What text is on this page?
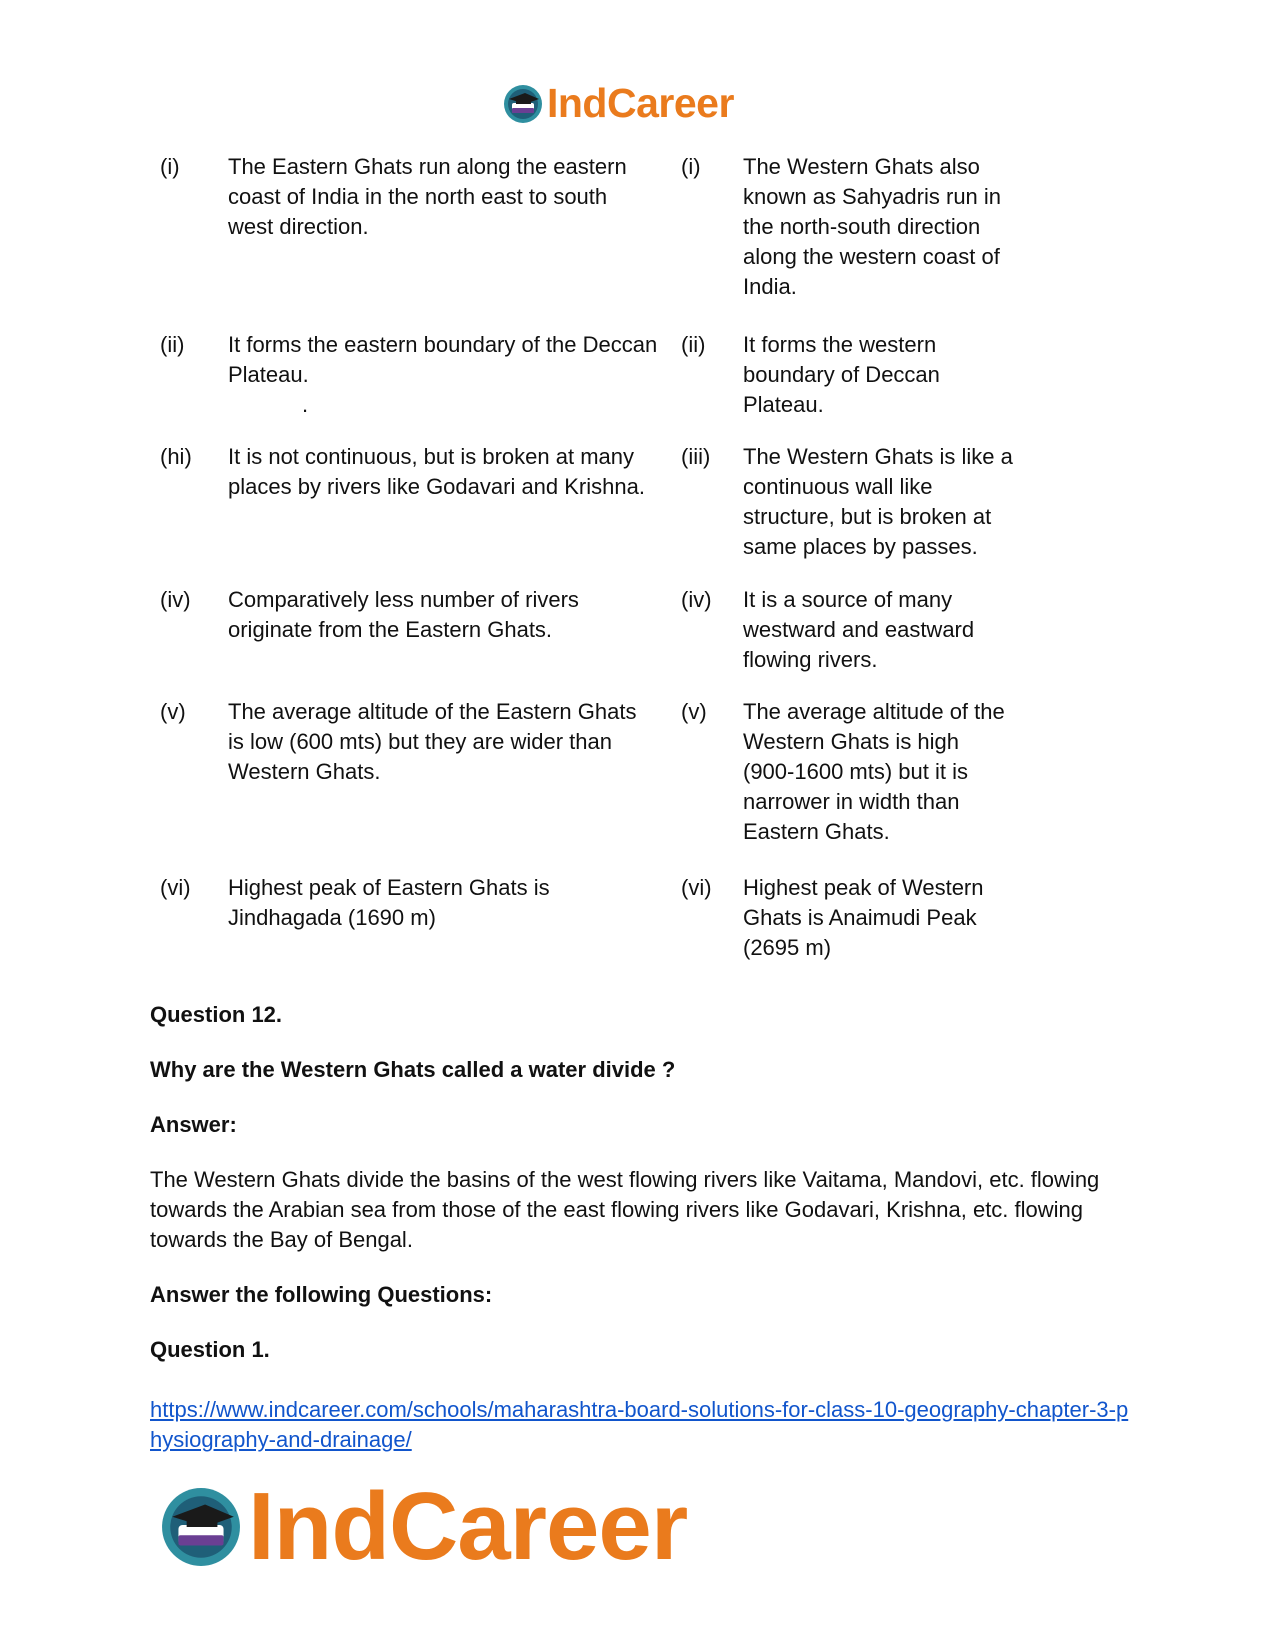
IndCareer
(i) The Eastern Ghats run along the eastern coast of India in the north east to south west direction.
(i) The Western Ghats also known as Sahyadris run in the north-south direction along the western coast of India.
(ii) It forms the eastern boundary of the Deccan Plateau.
.
(ii) It forms the western boundary of Deccan Plateau.
(hi) It is not continuous, but is broken at many places by rivers like Godavari and Krishna.
(iii) The Western Ghats is like a continuous wall like structure, but is broken at same places by passes.
(iv) Comparatively less number of rivers originate from the Eastern Ghats.
(iv) It is a source of many westward and eastward flowing rivers.
(v) The average altitude of the Eastern Ghats is low (600 mts) but they are wider than Western Ghats.
(v) The average altitude of the Western Ghats is high (900-1600 mts) but it is narrower in width than Eastern Ghats.
(vi) Highest peak of Eastern Ghats is Jindhagada (1690 m)
(vi) Highest peak of Western Ghats is Anaimudi Peak (2695 m)
Question 12.
Why are the Western Ghats called a water divide ?
Answer:
The Western Ghats divide the basins of the west flowing rivers like Vaitama, Mandovi, etc. flowing towards the Arabian sea from those of the east flowing rivers like Godavari, Krishna, etc. flowing towards the Bay of Bengal.
Answer the following Questions:
Question 1.
https://www.indcareer.com/schools/maharashtra-board-solutions-for-class-10-geography-chapter-3-physiography-and-drainage/
IndCareer
